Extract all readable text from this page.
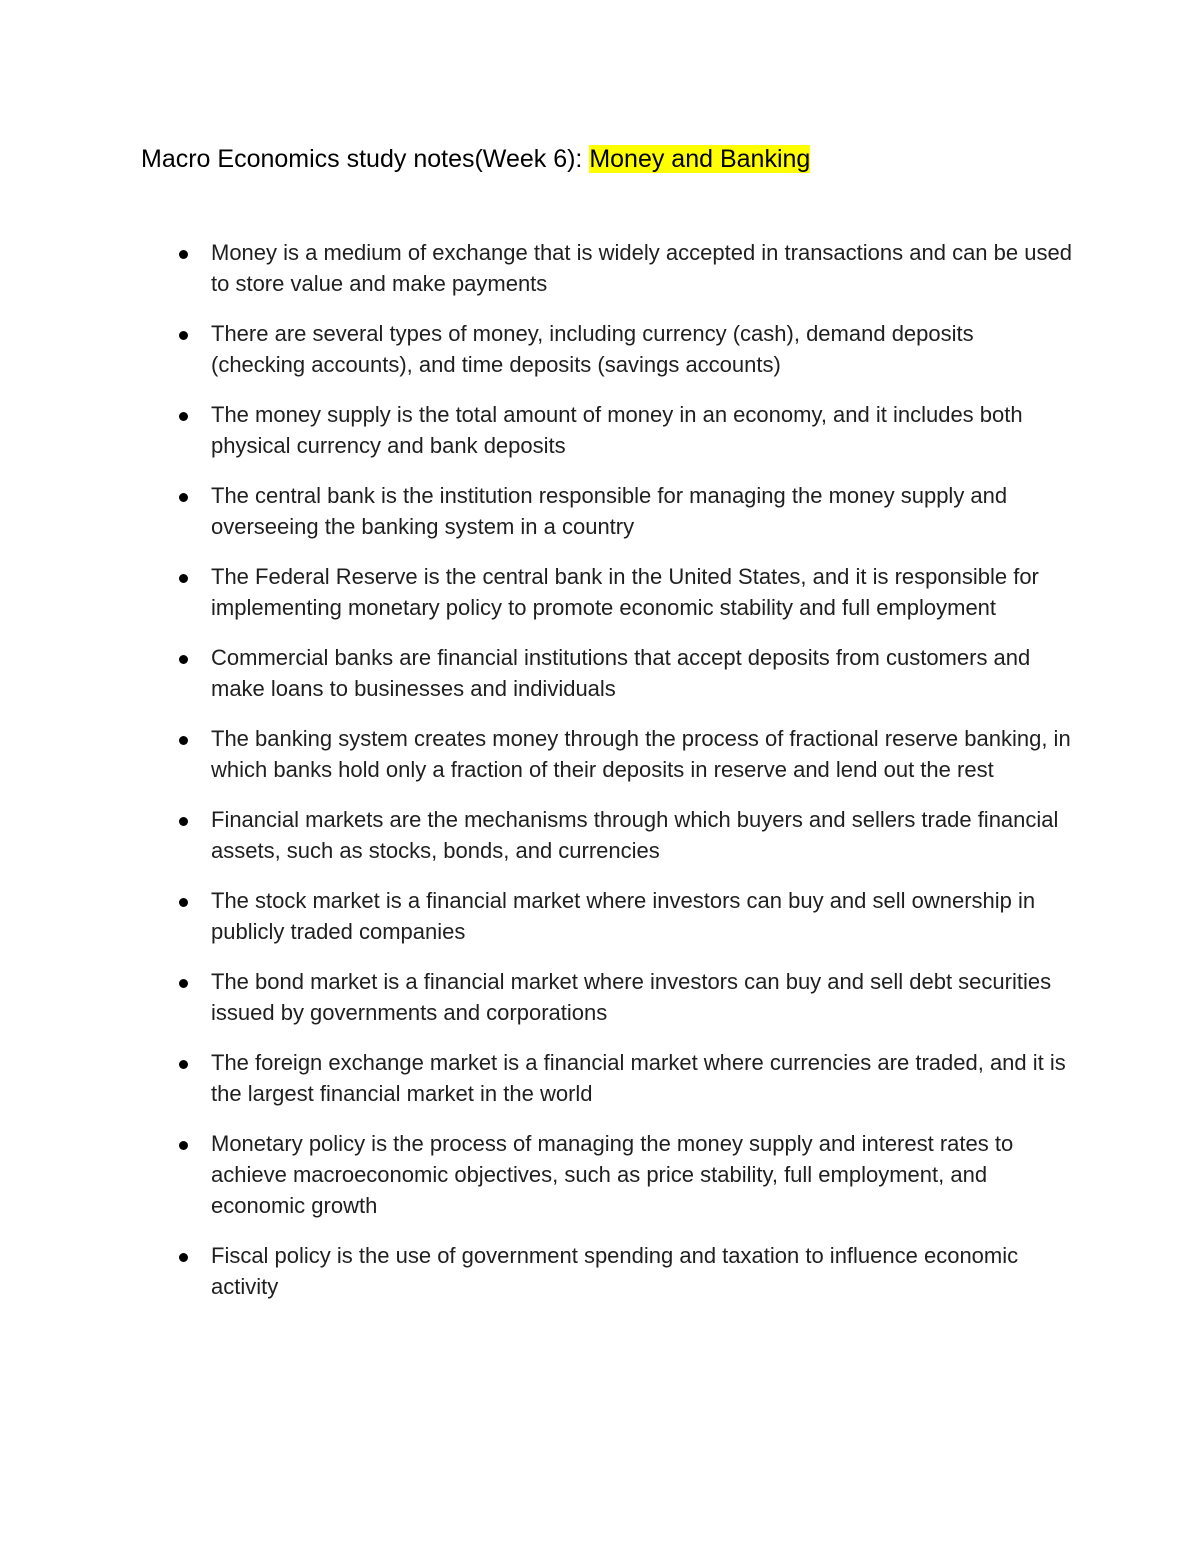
Macro Economics study notes(Week 6): Money and Banking
Money is a medium of exchange that is widely accepted in transactions and can be used to store value and make payments
There are several types of money, including currency (cash), demand deposits (checking accounts), and time deposits (savings accounts)
The money supply is the total amount of money in an economy, and it includes both physical currency and bank deposits
The central bank is the institution responsible for managing the money supply and overseeing the banking system in a country
The Federal Reserve is the central bank in the United States, and it is responsible for implementing monetary policy to promote economic stability and full employment
Commercial banks are financial institutions that accept deposits from customers and make loans to businesses and individuals
The banking system creates money through the process of fractional reserve banking, in which banks hold only a fraction of their deposits in reserve and lend out the rest
Financial markets are the mechanisms through which buyers and sellers trade financial assets, such as stocks, bonds, and currencies
The stock market is a financial market where investors can buy and sell ownership in publicly traded companies
The bond market is a financial market where investors can buy and sell debt securities issued by governments and corporations
The foreign exchange market is a financial market where currencies are traded, and it is the largest financial market in the world
Monetary policy is the process of managing the money supply and interest rates to achieve macroeconomic objectives, such as price stability, full employment, and economic growth
Fiscal policy is the use of government spending and taxation to influence economic activity
